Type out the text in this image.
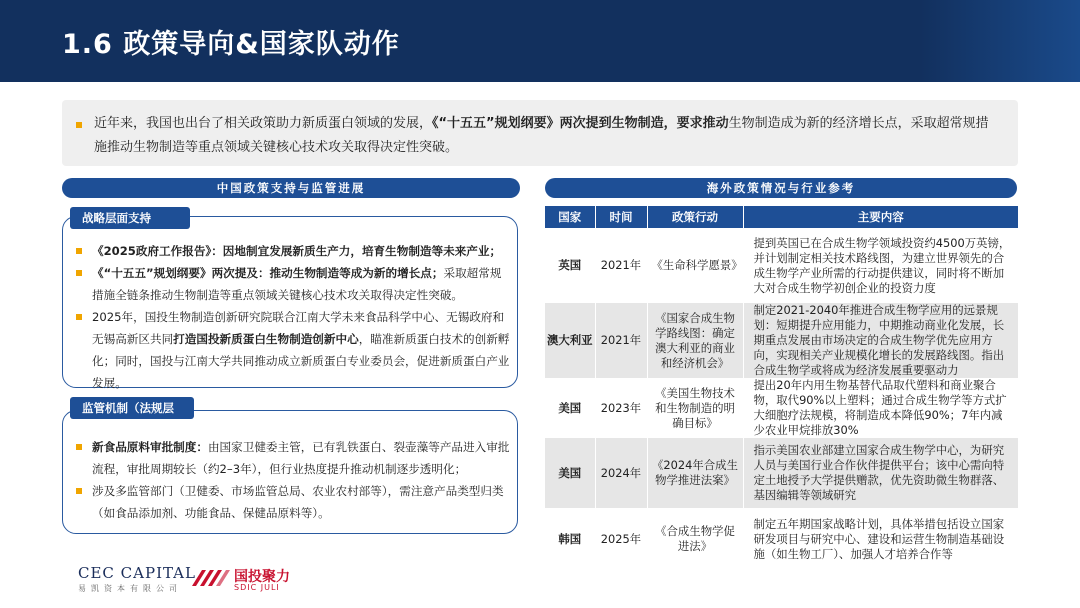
1.6 政策导向&国家队动作
近年来，我国也出台了相关政策助力新质蛋白领域的发展，《“十五五”规划纲要》两次提到生物制造，要求推动生物制造成为新的经济增长点，采取超常规措施推动生物制造等重点领域关键核心技术攻关取得决定性突破。
中国政策支持与监管进展	海外政策情况与行业参考
战略层面支持
《2025政府工作报告》：因地制宜发展新质生产力，培育生物制造等未来产业；
《“十五五”规划纲要》两次提及：推动生物制造等成为新的增长点；采取超常规措施全链条推动生物制造等重点领域关键核心技术攻关取得决定性突破。
2025年，国投生物制造创新研究院联合江南大学未来食品科学中心、无锡政府和无锡高新区共同打造国投新质蛋白生物制造创新中心，瞄准新质蛋白技术的创新孵化；同时，国投与江南大学共同推动成立新质蛋白专业委员会，促进新质蛋白产业发展。
监管机制（法规层面）
新食品原料审批制度：由国家卫健委主管，已有乳铁蛋白、裂壶藻等产品进入审批流程，审批周期较长（约2–3年），但行业热度提升推动机制逐步透明化；
涉及多监管部门（卫健委、市场监管总局、农业农村部等），需注意产品类型归类（如食品添加剂、功能食品、保健品原料等）。
国家	时间	政策行动	主要内容
英国	2021年	《生命科学愿景》	提到英国已在合成生物学领域投资约4500万英镑，并计划制定相关技术路线图，为建立世界领先的合成生物学产业所需的行动提供建议，同时将不断加大对合成生物学初创企业的投资力度
澳大利亚	2021年	《国家合成生物学路线图：确定澳大利亚的商业和经济机会》	制定2021-2040年推进合成生物学应用的远景规划：短期提升应用能力，中期推动商业化发展，长期重点发展由市场决定的合成生物学优先应用方向，实现相关产业规模化增长的发展路线图。指出合成生物学或将成为经济发展重要驱动力
美国	2023年	《美国生物技术和生物制造的明确目标》	提出20年内用生物基替代品取代塑料和商业聚合物，取代90%以上塑料；通过合成生物学等方式扩大细胞疗法规模，将制造成本降低90%；7年内减少农业甲烷排放30%
美国	2024年	《2024年合成生物学推进法案》	指示美国农业部建立国家合成生物学中心，为研究人员与美国行业合作伙伴提供平台；该中心需向特定土地授予大学提供赠款，优先资助微生物群落、基因编辑等领域研究
韩国	2025年	《合成生物学促进法》	制定五年期国家战略计划，具体举措包括设立国家研发项目与研究中心、建设和运营生物制造基础设施（如生物工厂）、加强人才培养合作等
CEC CAPITAL
易凯资本有限公司
国投聚力
SDIC JULI
